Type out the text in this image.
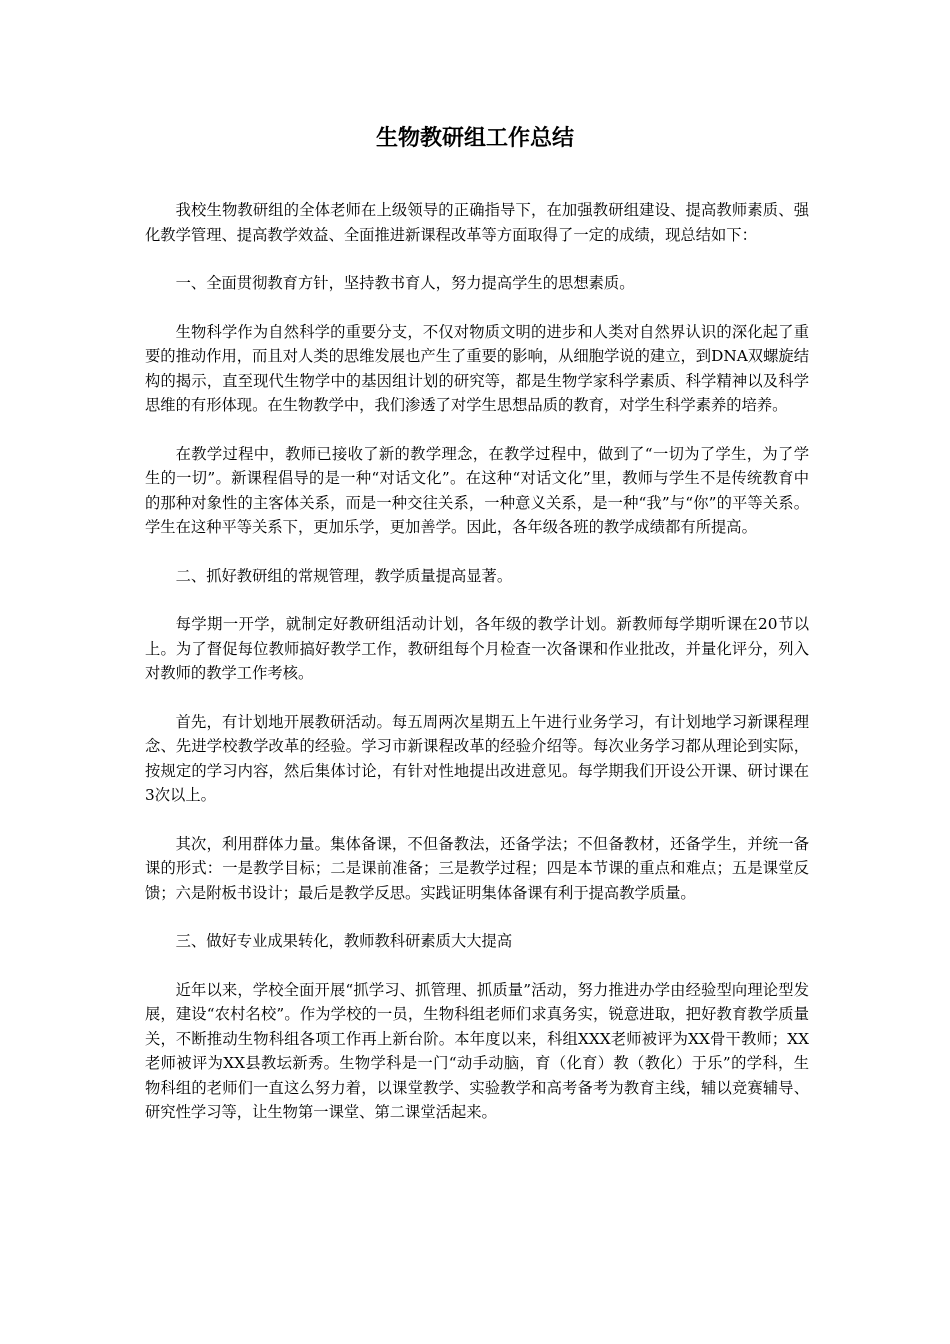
生物教研组工作总结

我校生物教研组的全体老师在上级领导的正确指导下，在加强教研组建设、提高教师素质、强化教学管理、提高教学效益、全面推进新课程改革等方面取得了一定的成绩，现总结如下：

一、全面贯彻教育方针，坚持教书育人，努力提高学生的思想素质。

生物科学作为自然科学的重要分支，不仅对物质文明的进步和人类对自然界认识的深化起了重要的推动作用，而且对人类的思维发展也产生了重要的影响，从细胞学说的建立，到DNA双螺旋结构的揭示，直至现代生物学中的基因组计划的研究等，都是生物学家科学素质、科学精神以及科学思维的有形体现。在生物教学中，我们渗透了对学生思想品质的教育，对学生科学素养的培养。

在教学过程中，教师已接收了新的教学理念，在教学过程中，做到了“一切为了学生，为了学生的一切”。新课程倡导的是一种“对话文化”。在这种“对话文化”里，教师与学生不是传统教育中的那种对象性的主客体关系，而是一种交往关系，一种意义关系，是一种“我”与“你”的平等关系。学生在这种平等关系下，更加乐学，更加善学。因此，各年级各班的教学成绩都有所提高。

二、抓好教研组的常规管理，教学质量提高显著。

每学期一开学，就制定好教研组活动计划，各年级的教学计划。新教师每学期听课在20节以上。为了督促每位教师搞好教学工作，教研组每个月检查一次备课和作业批改，并量化评分，列入对教师的教学工作考核。

首先，有计划地开展教研活动。每五周两次星期五上午进行业务学习，有计划地学习新课程理念、先进学校教学改革的经验。学习市新课程改革的经验介绍等。每次业务学习都从理论到实际，按规定的学习内容，然后集体讨论，有针对性地提出改进意见。每学期我们开设公开课、研讨课在3次以上。

其次，利用群体力量。集体备课，不但备教法，还备学法；不但备教材，还备学生，并统一备课的形式：一是教学目标；二是课前准备；三是教学过程；四是本节课的重点和难点；五是课堂反馈；六是附板书设计；最后是教学反思。实践证明集体备课有利于提高教学质量。

三、做好专业成果转化，教师教科研素质大大提高

近年以来，学校全面开展“抓学习、抓管理、抓质量”活动，努力推进办学由经验型向理论型发展，建设“农村名校”。作为学校的一员，生物科组老师们求真务实，锐意进取，把好教育教学质量关，不断推动生物科组各项工作再上新台阶。本年度以来，科组XXX老师被评为XX骨干教师；XX老师被评为XX县教坛新秀。生物学科是一门“动手动脑，育（化育）教（教化）于乐”的学科，生物科组的老师们一直这么努力着，以课堂教学、实验教学和高考备考为教育主线，辅以竞赛辅导、研究性学习等，让生物第一课堂、第二课堂活起来。
